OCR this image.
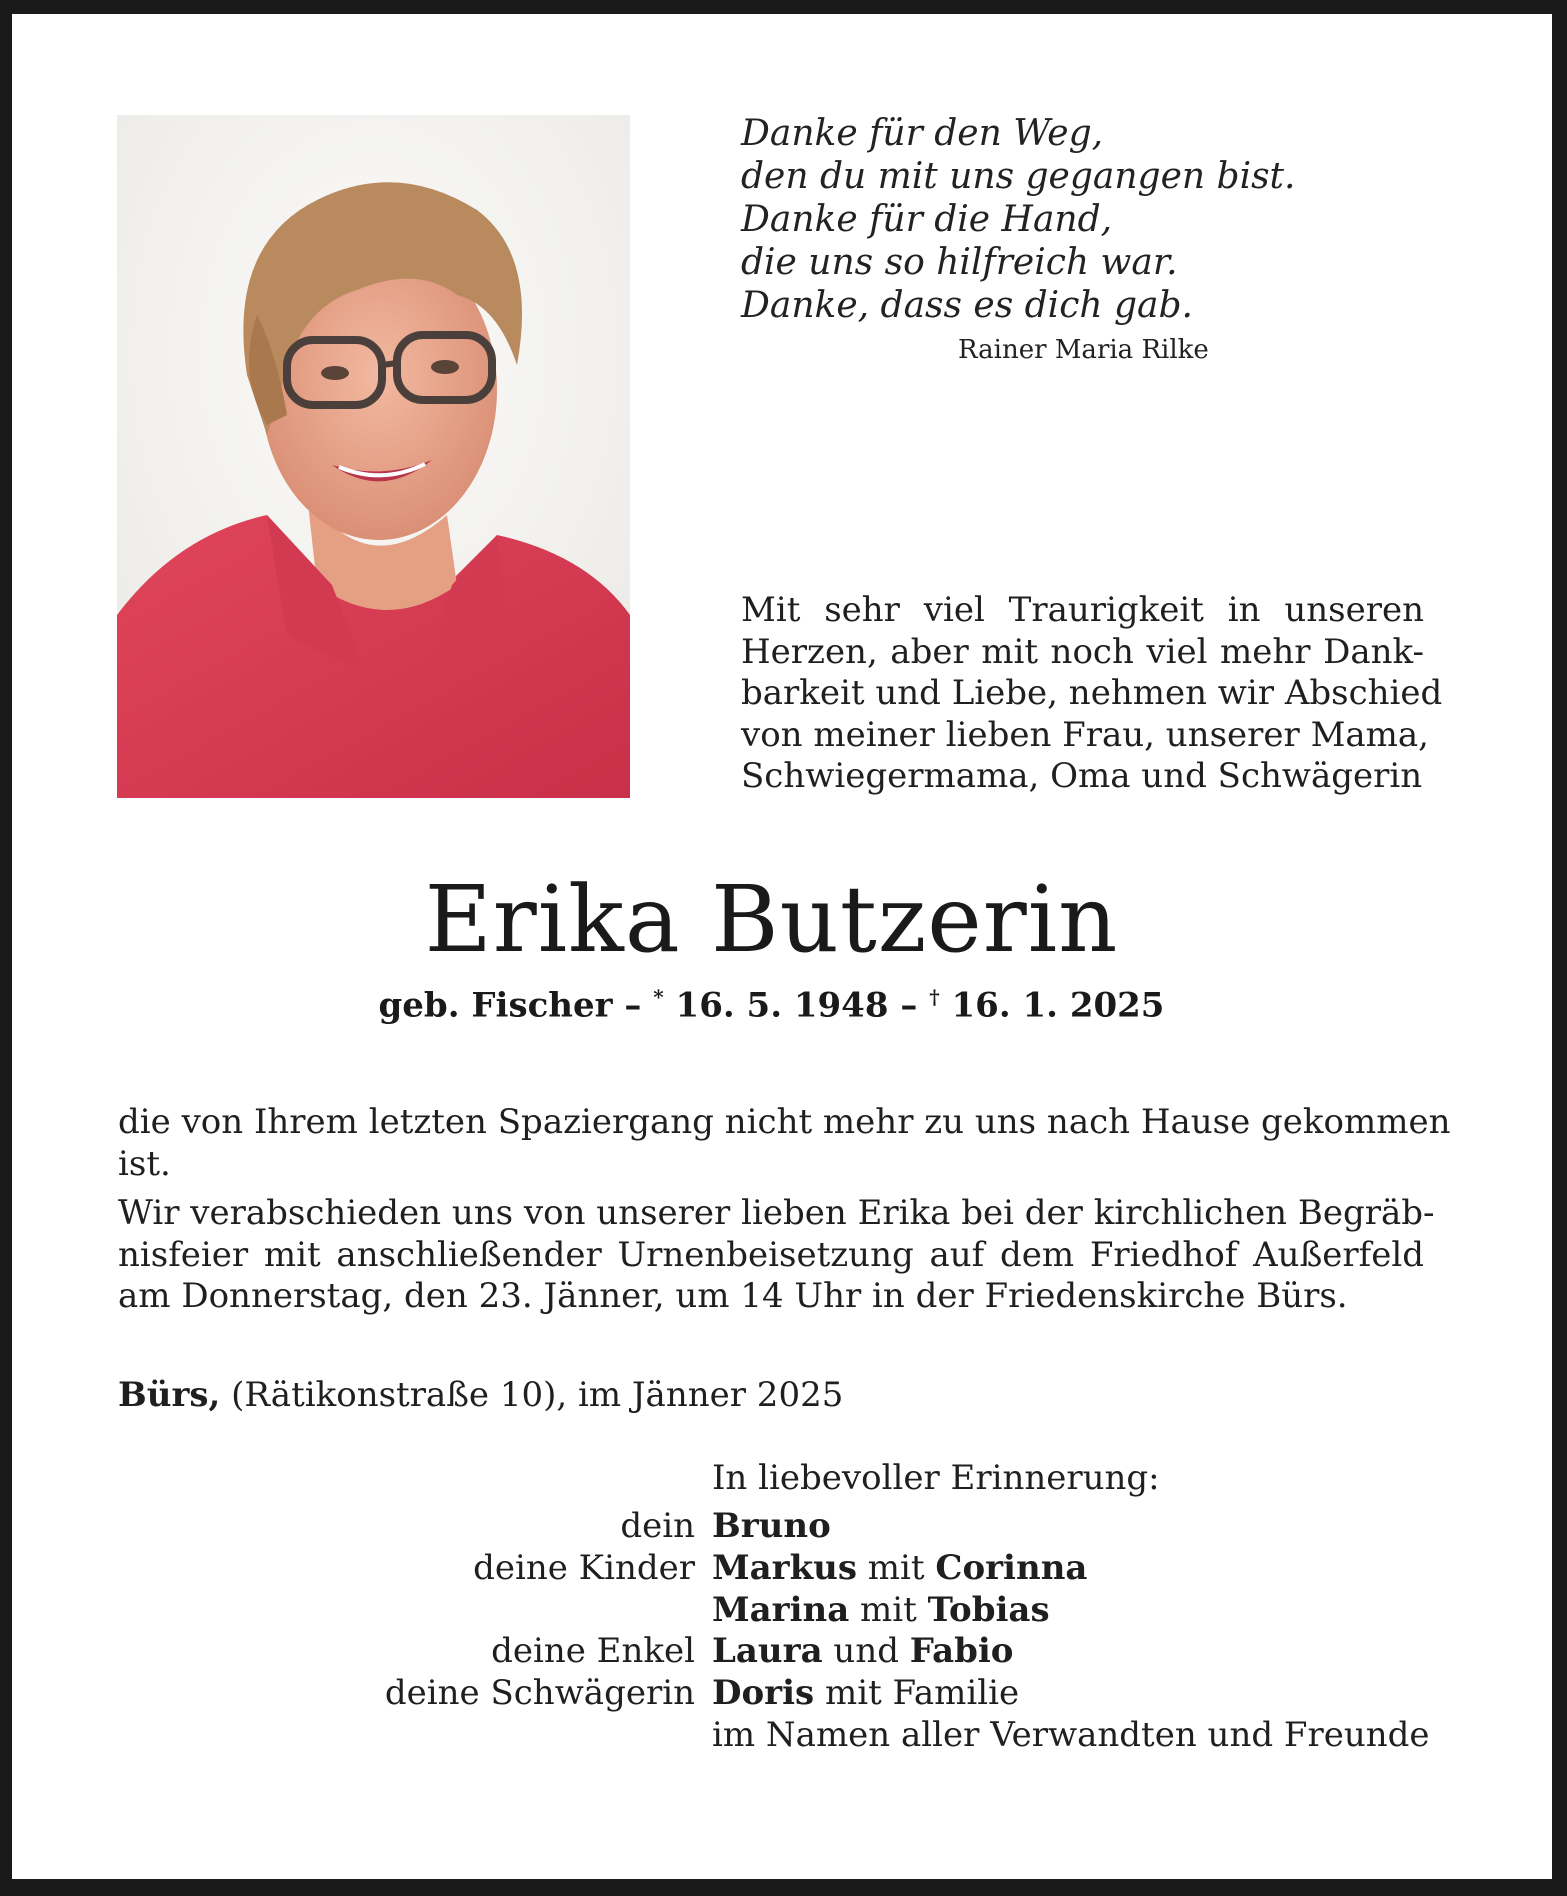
Danke für den Weg,
den du mit uns gegangen bist.
Danke für die Hand,
die uns so hilfreich war.
Danke, dass es dich gab.
Rainer Maria Rilke
Mit sehr viel Traurigkeit in unseren
Herzen, aber mit noch viel mehr Dank-
barkeit und Liebe, nehmen wir Abschied
von meiner lieben Frau, unserer Mama,
Schwiegermama, Oma und Schwägerin
Erika Butzerin
geb. Fischer – * 16. 5. 1948 – † 16. 1. 2025
die von Ihrem letzten Spaziergang nicht mehr zu uns nach Hause gekommen
ist.
Wir verabschieden uns von unserer lieben Erika bei der kirchlichen Begräb-
nisfeier mit anschließender Urnenbeisetzung auf dem Friedhof Außerfeld
am Donnerstag, den 23. Jänner, um 14 Uhr in der Friedenskirche Bürs.
Bürs, (Rätikonstraße 10), im Jänner 2025
In liebevoller Erinnerung:
dein Bruno
deine Kinder Markus mit Corinna
Marina mit Tobias
deine Enkel Laura und Fabio
deine Schwägerin Doris mit Familie
im Namen aller Verwandten und Freunde
